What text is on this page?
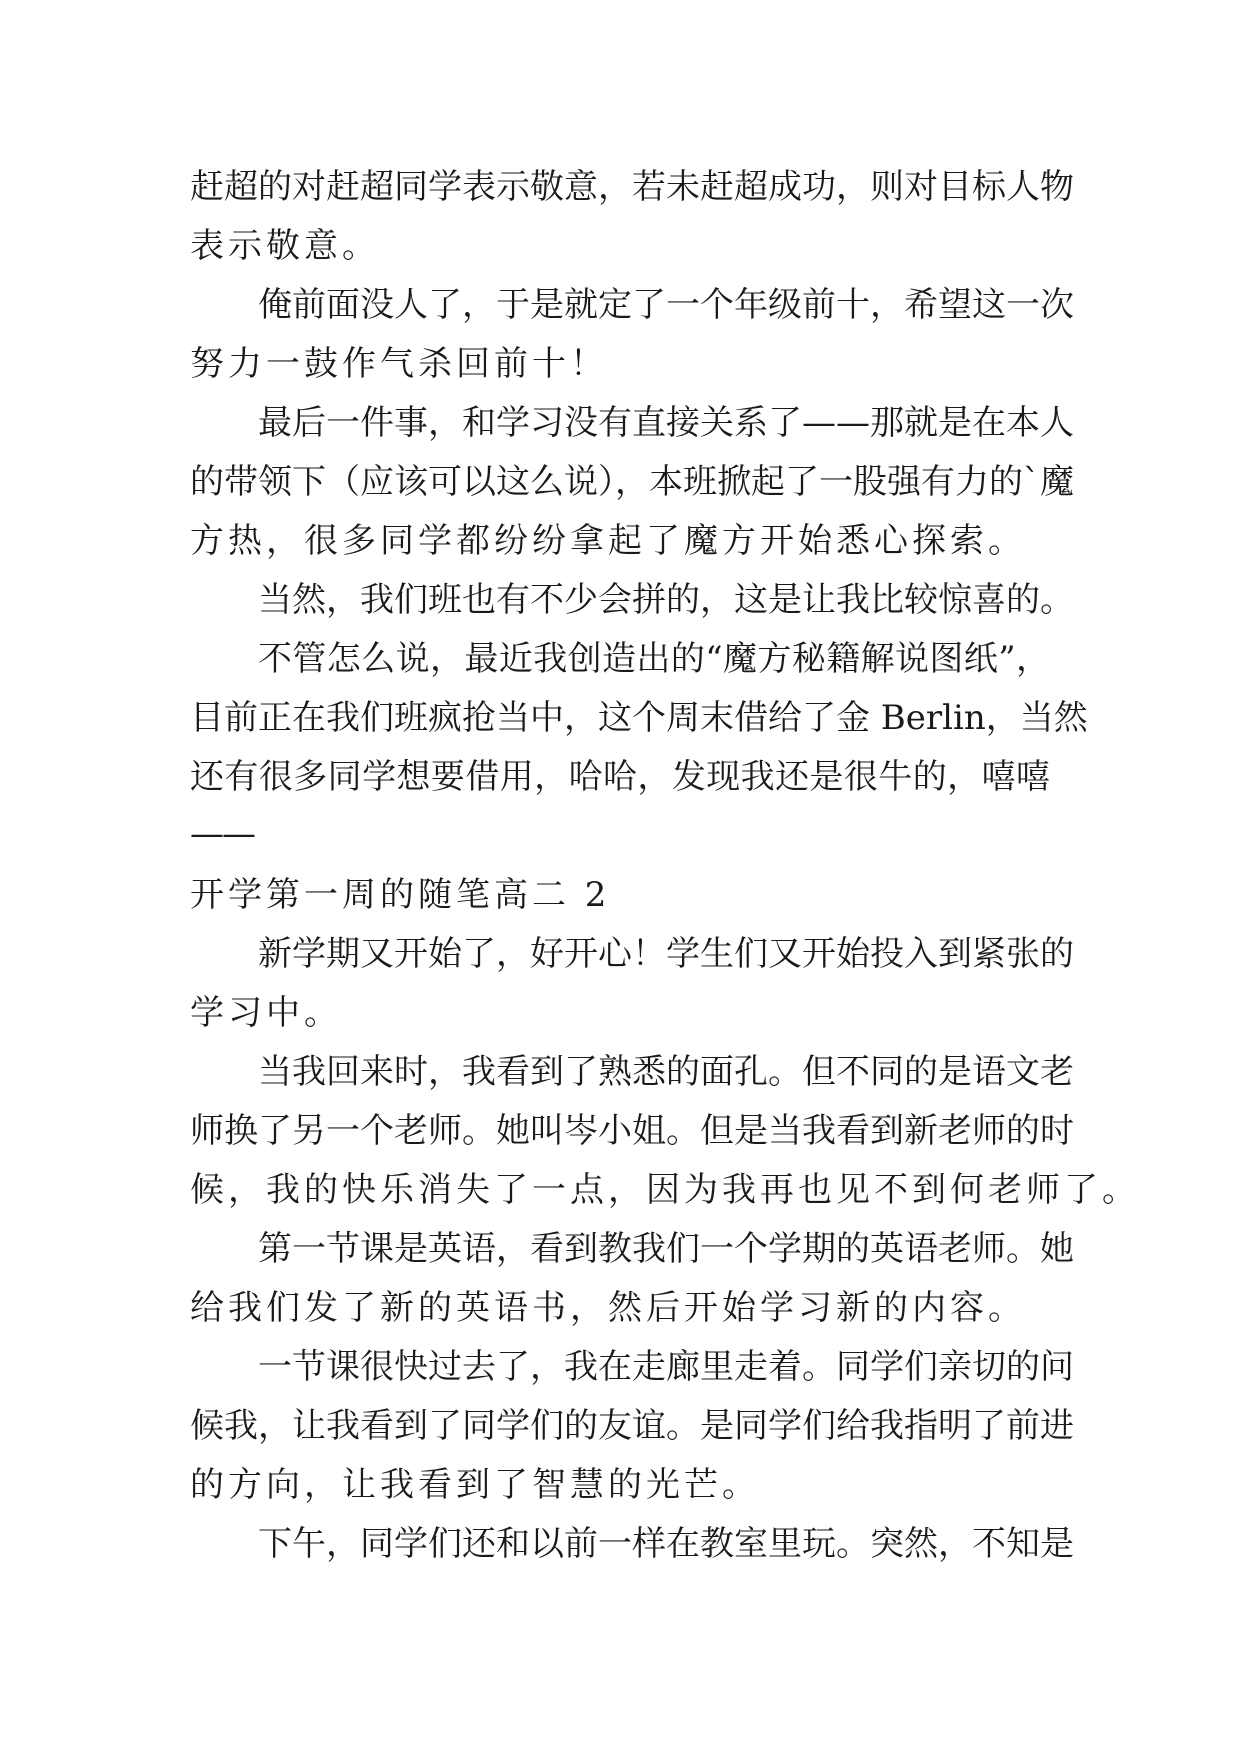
赶超的对赶超同学表示敬意，若未赶超成功，则对目标人物
表示敬意。
俺前面没人了，于是就定了一个年级前十，希望这一次
努力一鼓作气杀回前十！
最后一件事，和学习没有直接关系了——那就是在本人
的带领下（应该可以这么说），本班掀起了一股强有力的`魔
方热，很多同学都纷纷拿起了魔方开始悉心探索。
当然，我们班也有不少会拼的，这是让我比较惊喜的。
不管怎么说，最近我创造出的“魔方秘籍解说图纸”，
目前正在我们班疯抢当中，这个周末借给了金 Berlin，当然
还有很多同学想要借用，哈哈，发现我还是很牛的，嘻嘻
——
开学第一周的随笔高二 2
新学期又开始了，好开心！学生们又开始投入到紧张的
学习中。
当我回来时，我看到了熟悉的面孔。但不同的是语文老
师换了另一个老师。她叫岑小姐。但是当我看到新老师的时
候，我的快乐消失了一点，因为我再也见不到何老师了。
第一节课是英语，看到教我们一个学期的英语老师。她
给我们发了新的英语书，然后开始学习新的内容。
一节课很快过去了，我在走廊里走着。同学们亲切的问
候我，让我看到了同学们的友谊。是同学们给我指明了前进
的方向，让我看到了智慧的光芒。
下午，同学们还和以前一样在教室里玩。突然，不知是
